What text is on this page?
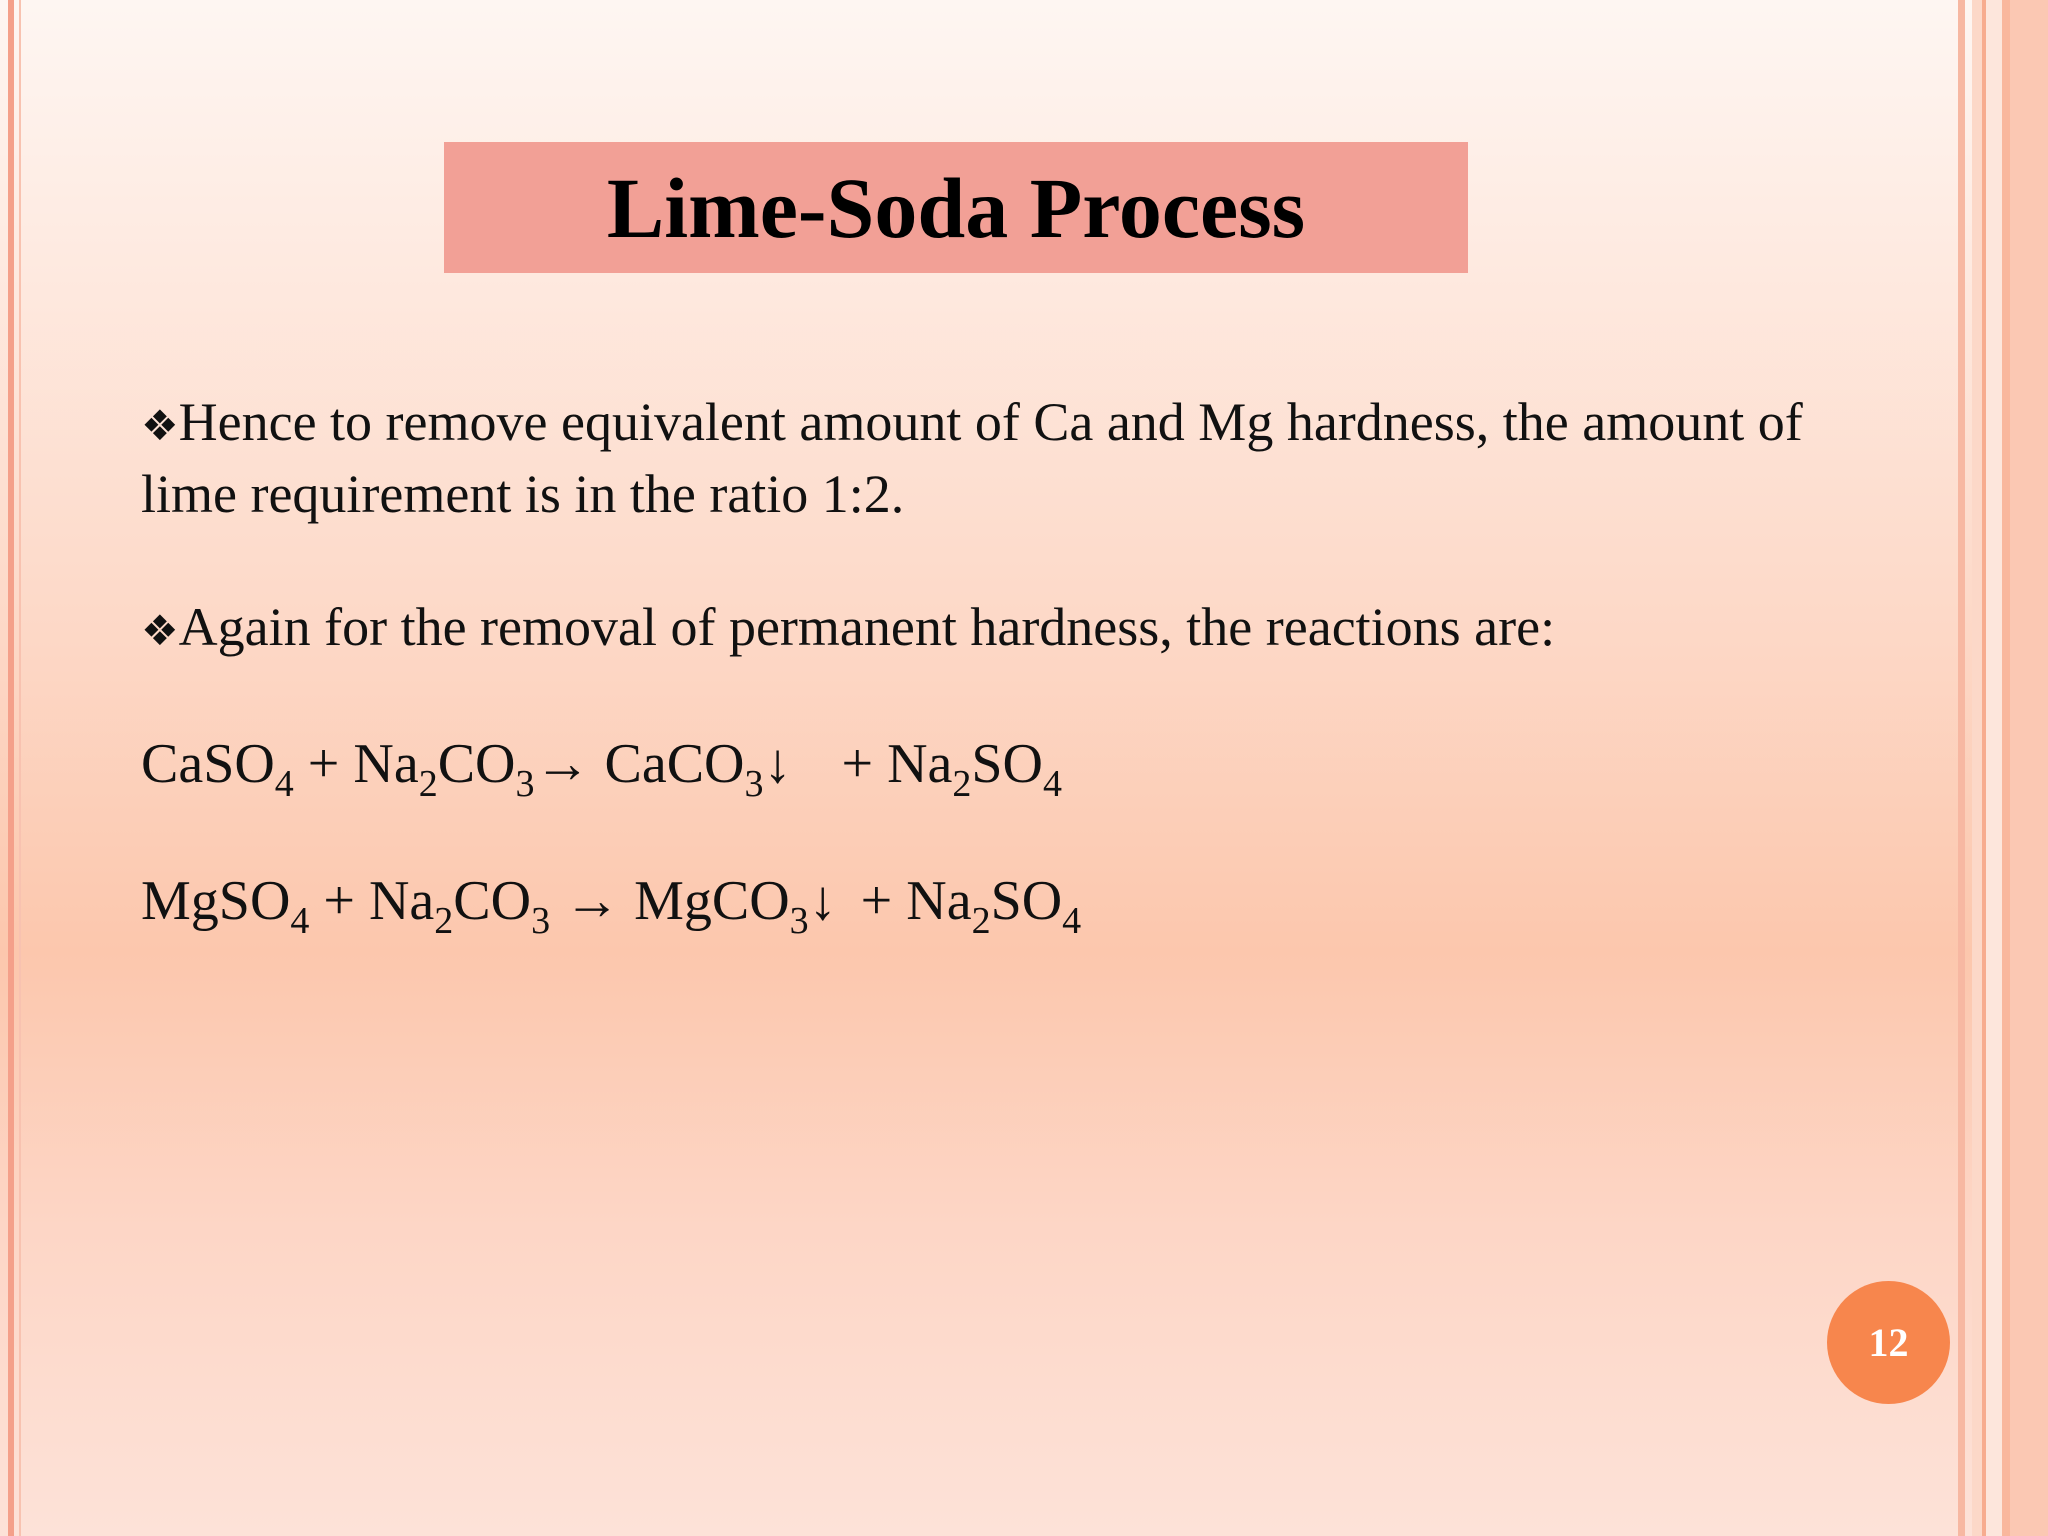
Lime-Soda Process

❖Hence to remove equivalent amount of Ca and Mg hardness, the amount of lime requirement is in the ratio 1:2.

❖Again for the removal of permanent hardness, the reactions are:

CaSO$_4$ + $Na_2CO_3\to$ CaCO$_3$↓ + $Na_2SO_4$
MgSO$_4$ + $Na_2CO_3$ → MgCO$_3$↓ + $Na_2SO_4$
12
